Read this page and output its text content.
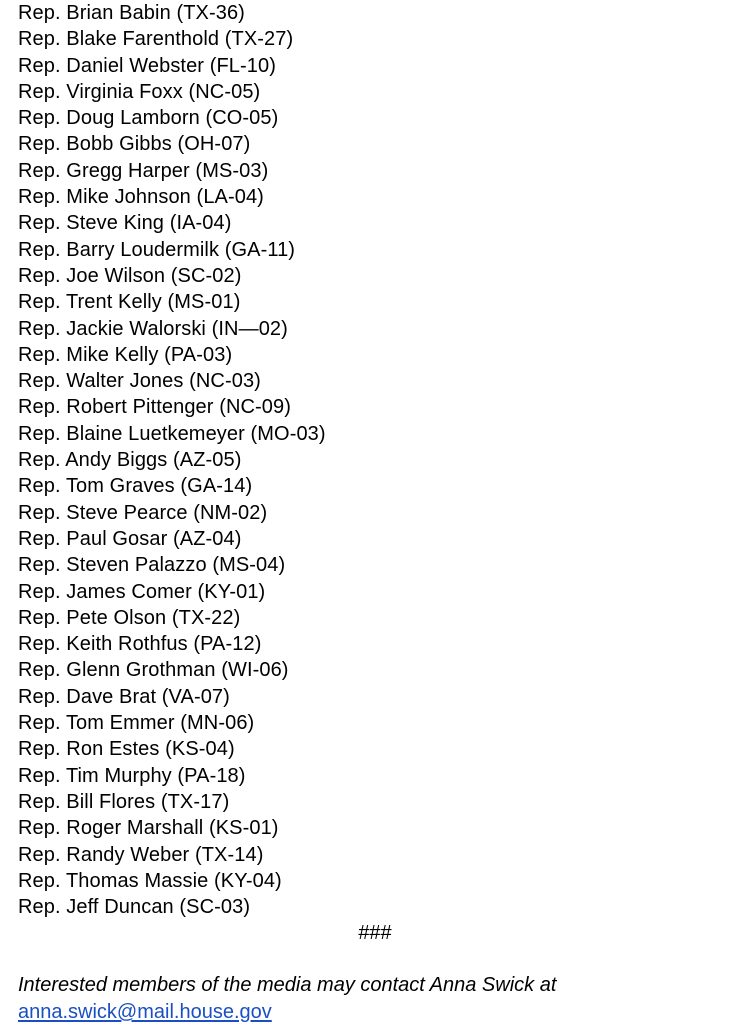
Rep. Brian Babin (TX-36)
Rep. Blake Farenthold (TX-27)
Rep. Daniel Webster (FL-10)
Rep. Virginia Foxx (NC-05)
Rep. Doug Lamborn (CO-05)
Rep. Bobb Gibbs (OH-07)
Rep. Gregg Harper (MS-03)
Rep. Mike Johnson (LA-04)
Rep. Steve King (IA-04)
Rep. Barry Loudermilk (GA-11)
Rep. Joe Wilson (SC-02)
Rep. Trent Kelly (MS-01)
Rep. Jackie Walorski (IN—02)
Rep. Mike Kelly (PA-03)
Rep. Walter Jones (NC-03)
Rep. Robert Pittenger (NC-09)
Rep. Blaine Luetkemeyer (MO-03)
Rep. Andy Biggs (AZ-05)
Rep. Tom Graves (GA-14)
Rep. Steve Pearce (NM-02)
Rep. Paul Gosar (AZ-04)
Rep. Steven Palazzo (MS-04)
Rep. James Comer (KY-01)
Rep. Pete Olson (TX-22)
Rep. Keith Rothfus (PA-12)
Rep. Glenn Grothman (WI-06)
Rep. Dave Brat (VA-07)
Rep. Tom Emmer (MN-06)
Rep. Ron Estes (KS-04)
Rep. Tim Murphy (PA-18)
Rep. Bill Flores (TX-17)
Rep. Roger Marshall (KS-01)
Rep. Randy Weber (TX-14)
Rep. Thomas Massie (KY-04)
Rep. Jeff Duncan (SC-03)
###

Interested members of the media may contact Anna Swick at

anna.swick@mail.house.gov
